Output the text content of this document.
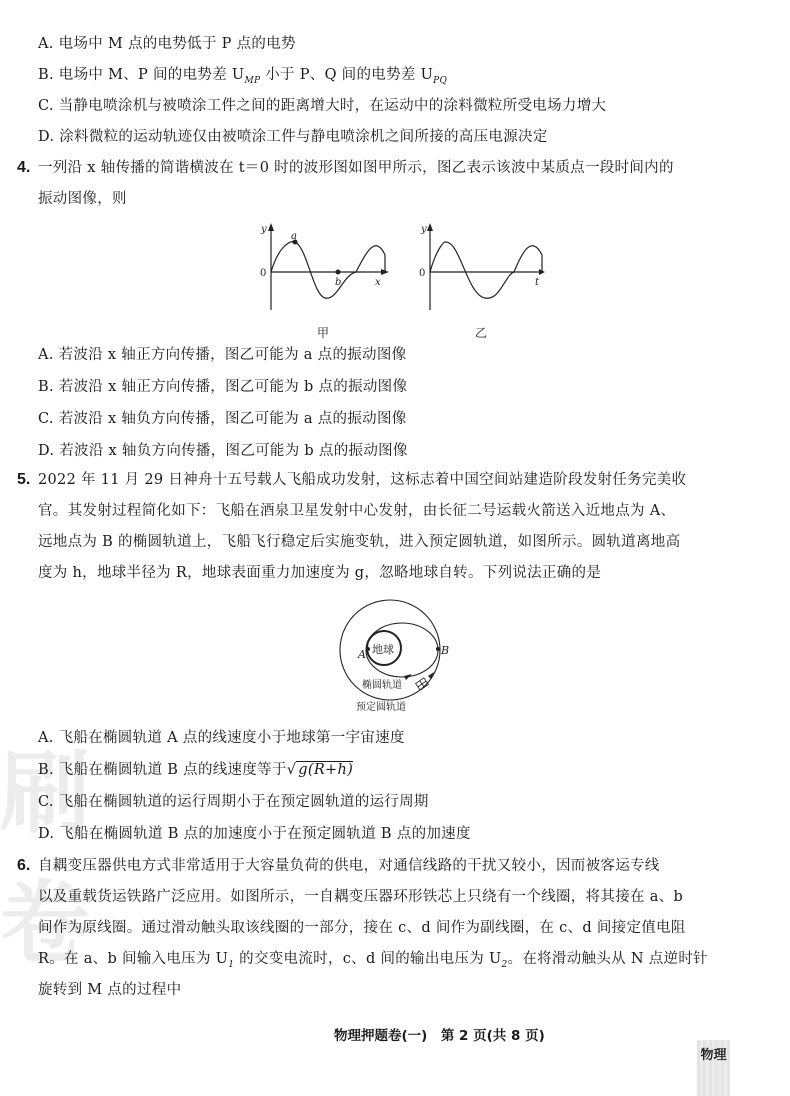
刷卷
A. 电场中 M 点的电势低于 P 点的电势
B. 电场中 M、P 间的电势差 $U_{MP}$ 小于 P、Q 间的电势差 $U_{PQ}$
C. 当静电喷涂机与被喷涂工件之间的距离增大时，在运动中的涂料微粒所受电场力增大
D. 涂料微粒的运动轨迹仅由被喷涂工件与静电喷涂机之间所接的高压电源决定
4. 一列沿 x 轴传播的简谐横波在 t＝0 时的波形图如图甲所示，图乙表示该波中某质点一段时间内的
振动图像，则
y
a
b	x
y
t
0	0
甲	乙
A. 若波沿 x 轴正方向传播，图乙可能为 a 点的振动图像
B. 若波沿 x 轴正方向传播，图乙可能为 b 点的振动图像
C. 若波沿 x 轴负方向传播，图乙可能为 a 点的振动图像
D. 若波沿 x 轴负方向传播，图乙可能为 b 点的振动图像
5. 2022 年 11 月 29 日神舟十五号载人飞船成功发射，这标志着中国空间站建造阶段发射任务完美收
官。其发射过程简化如下：飞船在酒泉卫星发射中心发射，由长征二号运载火箭送入近地点为 A、
远地点为 B 的椭圆轨道上，飞船飞行稳定后实施变轨，进入预定圆轨道，如图所示。圆轨道离地高
度为 h，地球半径为 R，地球表面重力加速度为 g，忽略地球自转。下列说法正确的是
地球
A	B
椭圆轨道
预定圆轨道
A. 飞船在椭圆轨道 A 点的线速度小于地球第一宇宙速度
B. 飞船在椭圆轨道 B 点的线速度等于√ g(R+h)
C. 飞船在椭圆轨道的运行周期小于在预定圆轨道的运行周期
D. 飞船在椭圆轨道 B 点的加速度小于在预定圆轨道 B 点的加速度
6. 自耦变压器供电方式非常适用于大容量负荷的供电，对通信线路的干扰又较小，因而被客运专线
以及重载货运铁路广泛应用。如图所示，一自耦变压器环形铁芯上只绕有一个线圈，将其接在 a、b
间作为原线圈。通过滑动触头取该线圈的一部分，接在 c、d 间作为副线圈，在 c、d 间接定值电阻
R。在 a、b 间输入电压为 $U_1$ 的交变电流时，c、d 间的输出电压为 $U_2$。在将滑动触头从 N 点逆时针
旋转到 M 点的过程中
物理押题卷(一)　第 2 页(共 8 页)
物理
